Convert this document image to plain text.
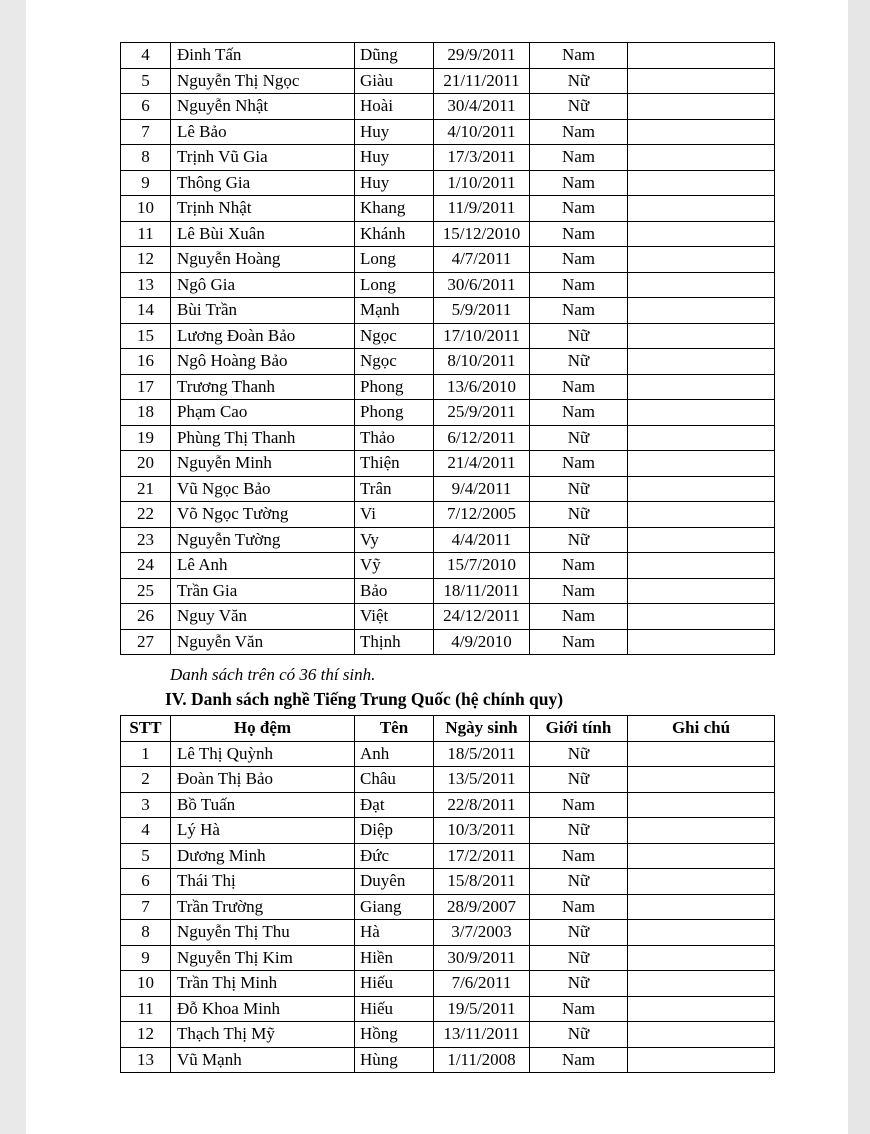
4	Đinh Tấn	Dũng	29/9/2011	Nam	
5	Nguyễn Thị Ngọc	Giàu	21/11/2011	Nữ	
6	Nguyễn Nhật	Hoài	30/4/2011	Nữ	
7	Lê Bảo	Huy	4/10/2011	Nam	
8	Trịnh Vũ Gia	Huy	17/3/2011	Nam	
9	Thông Gia	Huy	1/10/2011	Nam	
10	Trịnh Nhật	Khang	11/9/2011	Nam	
11	Lê Bùi Xuân	Khánh	15/12/2010	Nam	
12	Nguyễn Hoàng	Long	4/7/2011	Nam	
13	Ngô Gia	Long	30/6/2011	Nam	
14	Bùi Trần	Mạnh	5/9/2011	Nam	
15	Lương Đoàn Bảo	Ngọc	17/10/2011	Nữ	
16	Ngô Hoàng Bảo	Ngọc	8/10/2011	Nữ	
17	Trương Thanh	Phong	13/6/2010	Nam	
18	Phạm Cao	Phong	25/9/2011	Nam	
19	Phùng Thị Thanh	Thảo	6/12/2011	Nữ	
20	Nguyễn Minh	Thiện	21/4/2011	Nam	
21	Vũ Ngọc Bảo	Trân	9/4/2011	Nữ	
22	Võ Ngọc Tường	Vi	7/12/2005	Nữ	
23	Nguyễn Tường	Vy	4/4/2011	Nữ	
24	Lê Anh	Vỹ	15/7/2010	Nam	
25	Trần Gia	Bảo	18/11/2011	Nam	
26	Nguy Văn	Việt	24/12/2011	Nam	
27	Nguyễn Văn	Thịnh	4/9/2010	Nam	
Danh sách trên có 36 thí sinh.
IV. Danh sách nghề Tiếng Trung Quốc (hệ chính quy)
STT	Họ đệm	Tên	Ngày sinh	Giới tính	Ghi chú
1	Lê Thị Quỳnh	Anh	18/5/2011	Nữ	
2	Đoàn Thị Bảo	Châu	13/5/2011	Nữ	
3	Bồ Tuấn	Đạt	22/8/2011	Nam	
4	Lý Hà	Diệp	10/3/2011	Nữ	
5	Dương Minh	Đức	17/2/2011	Nam	
6	Thái Thị	Duyên	15/8/2011	Nữ	
7	Trần Trường	Giang	28/9/2007	Nam	
8	Nguyễn Thị Thu	Hà	3/7/2003	Nữ	
9	Nguyễn Thị Kim	Hiền	30/9/2011	Nữ	
10	Trần Thị Minh	Hiếu	7/6/2011	Nữ	
11	Đỗ Khoa Minh	Hiếu	19/5/2011	Nam	
12	Thạch Thị Mỹ	Hồng	13/11/2011	Nữ	
13	Vũ Mạnh	Hùng	1/11/2008	Nam	
